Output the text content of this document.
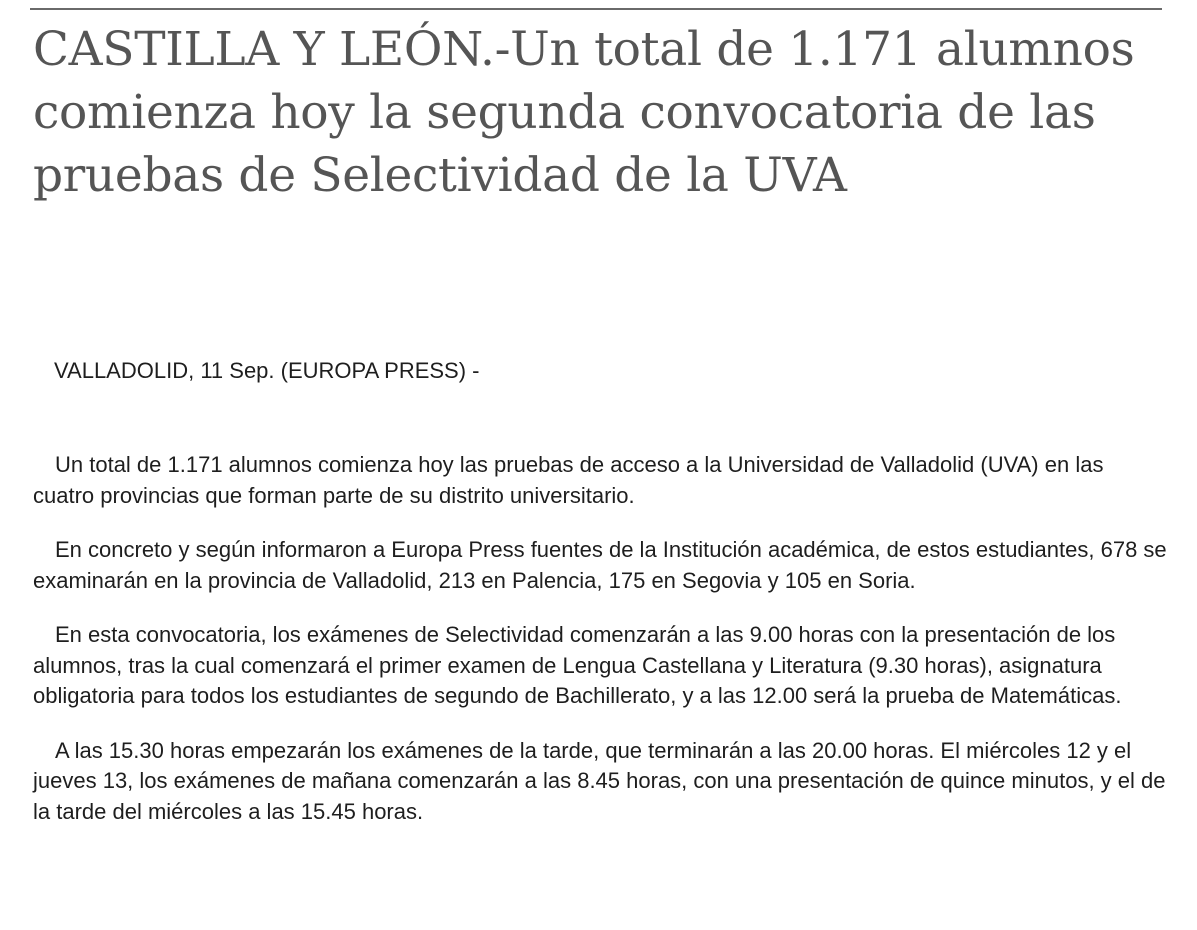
CASTILLA Y LEÓN.-Un total de 1.171 alumnos comienza hoy la segunda convocatoria de las pruebas de Selectividad de la UVA

VALLADOLID, 11 Sep. (EUROPA PRESS) -

Un total de 1.171 alumnos comienza hoy las pruebas de acceso a la Universidad de Valladolid (UVA) en las cuatro provincias que forman parte de su distrito universitario.

En concreto y según informaron a Europa Press fuentes de la Institución académica, de estos estudiantes, 678 se examinarán en la provincia de Valladolid, 213 en Palencia, 175 en Segovia y 105 en Soria.

En esta convocatoria, los exámenes de Selectividad comenzarán a las 9.00 horas con la presentación de los alumnos, tras la cual comenzará el primer examen de Lengua Castellana y Literatura (9.30 horas), asignatura obligatoria para todos los estudiantes de segundo de Bachillerato, y a las 12.00 será la prueba de Matemáticas.

A las 15.30 horas empezarán los exámenes de la tarde, que terminarán a las 20.00 horas. El miércoles 12 y el jueves 13, los exámenes de mañana comenzarán a las 8.45 horas, con una presentación de quince minutos, y el de la tarde del miércoles a las 15.45 horas.
